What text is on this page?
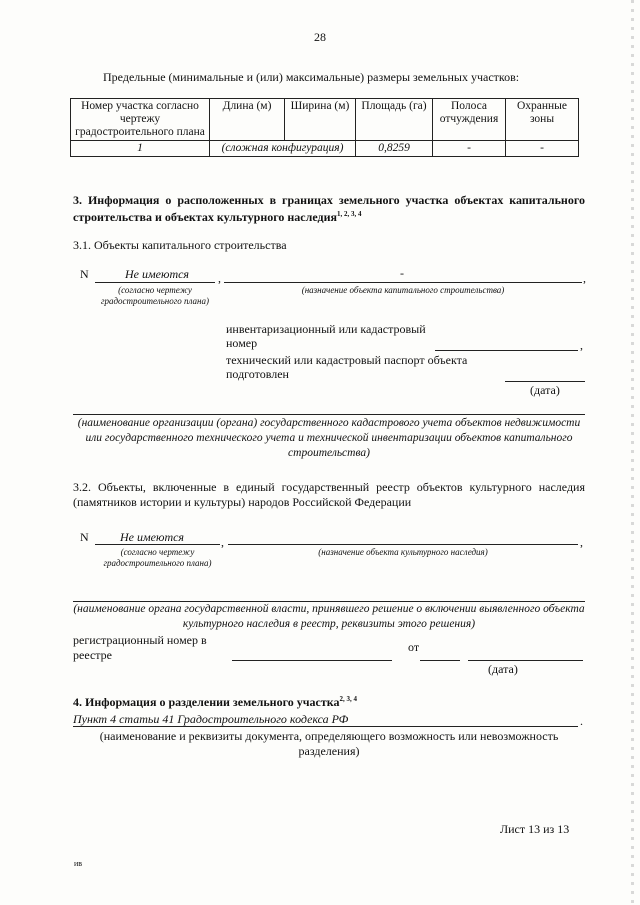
28
Предельные (минимальные и (или) максимальные) размеры земельных участков:
Номер участка согласно чертежу градостроительного плана	Длина (м)	Ширина (м)	Площадь (га)	Полоса отчуждения	Охранные зоны
1	(сложная конфигурация)		0,8259	-	-
3. Информация о расположенных в границах земельного участка объектах капитального строительства и объектах культурного наследия$^{1, 2, 3, 4}$
3.1. Объекты капитального строительства
N	Не имеются ,	-	,
(согласно чертежу градостроительного плана)
(назначение объекта капитального строительства)
инвентаризационный или кадастровый номер	,
технический или кадастровый паспорт объекта подготовлен
(дата)
(наименование организации (органа) государственного кадастрового учета объектов недвижимости или государственного технического учета и технической инвентаризации объектов капитального строительства)
3.2. Объекты, включенные в единый государственный реестр объектов культурного наследия (памятников истории и культуры) народов Российской Федерации
N	Не имеются	,	,
(согласно чертежу градостроительного плана)
(назначение объекта культурного наследия)
(наименование органа государственной власти, принявшего решение о включении выявленного объекта культурного наследия в реестр, реквизиты этого решения)
регистрационный номер в реестре
от
(дата)
4. Информация о разделении земельного участка$^{2, 3, 4}$
Пункт 4 статьи 41 Градостроительного кодекса РФ	.
(наименование и реквизиты документа, определяющего возможность или невозможность разделения)
Лист 13 из 13
ив
